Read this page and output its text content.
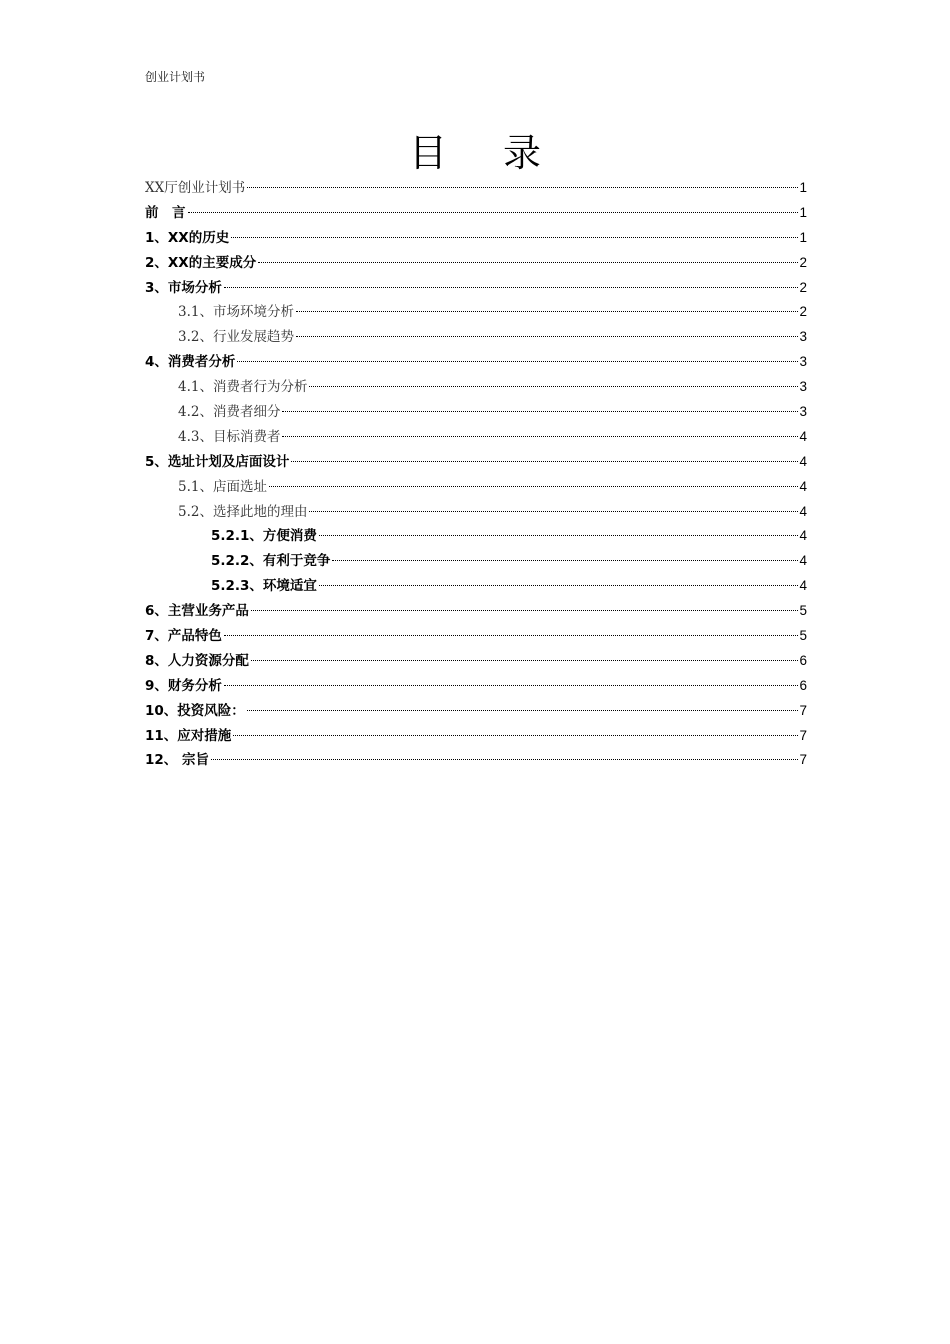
创业计划书
目 录
XX厅创业计划书	1
前　言	1
1、XX的历史	1
2、XX的主要成分	2
3、市场分析	2
3.1、市场环境分析	2
3.2、行业发展趋势	3
4、消费者分析	3
4.1、消费者行为分析	3
4.2、消费者细分	3
4.3、目标消费者	4
5、选址计划及店面设计	4
5.1、店面选址	4
5.2、选择此地的理由	4
5.2.1、方便消费	4
5.2.2、有利于竞争	4
5.2.3、环境适宜	4
6、主营业务产品	5
7、产品特色	5
8、人力资源分配	6
9、财务分析	6
10、投资风险：	7
11、应对措施	7
12、 宗旨	7
